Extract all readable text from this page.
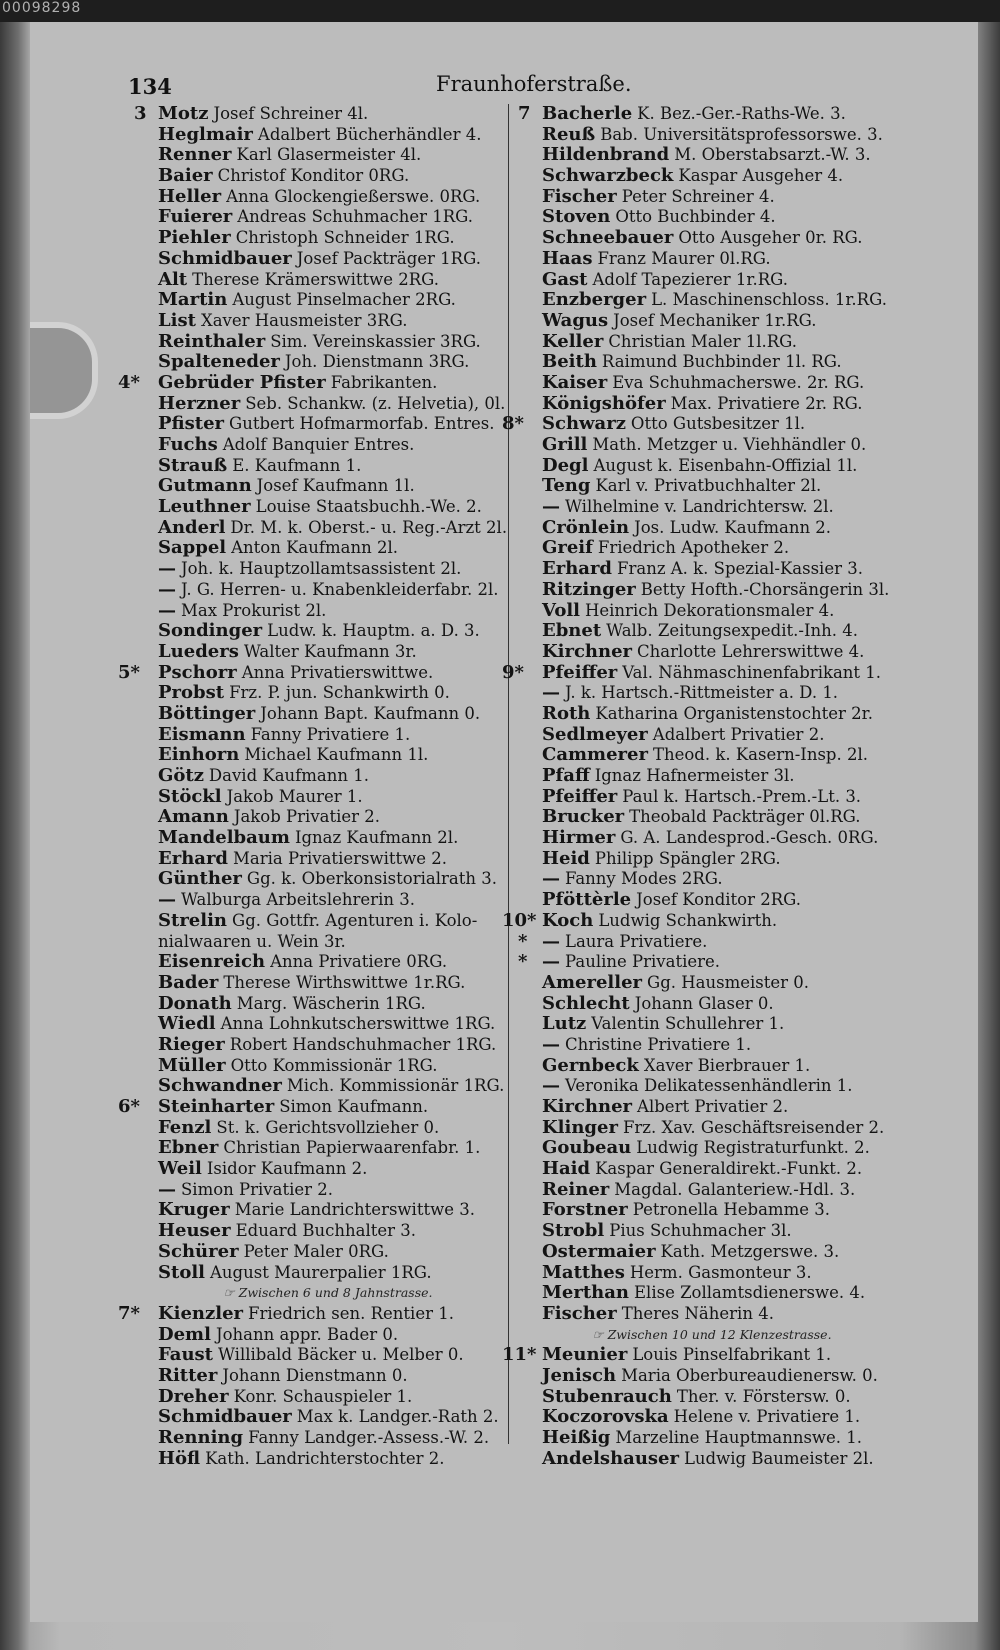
00098298
134	Fraunhoferstraße.
3 Motz Josef Schreiner 4l.
Heglmair Adalbert Bücherhändler 4.
Renner Karl Glasermeister 4l.
Baier Christof Konditor 0RG.
Heller Anna Glockengießerswe. 0RG.
Fuierer Andreas Schuhmacher 1RG.
Piehler Christoph Schneider 1RG.
Schmidbauer Josef Packträger 1RG.
Alt Therese Krämerswittwe 2RG.
Martin August Pinselmacher 2RG.
List Xaver Hausmeister 3RG.
Reinthaler Sim. Vereinskassier 3RG.
Spalteneder Joh. Dienstmann 3RG.
4* Gebrüder Pfister Fabrikanten.
Herzner Seb. Schankw. (z. Helvetia), 0l.
Pfister Gutbert Hofmarmorfab. Entres.
Fuchs Adolf Banquier Entres.
Strauß E. Kaufmann 1.
Gutmann Josef Kaufmann 1l.
Leuthner Louise Staatsbuchh.-We. 2.
Anderl Dr. M. k. Oberst.- u. Reg.-Arzt 2l.
Sappel Anton Kaufmann 2l.
— Joh. k. Hauptzollamtsassistent 2l.
— J. G. Herren- u. Knabenkleiderfabr. 2l.
— Max Prokurist 2l.
Sondinger Ludw. k. Hauptm. a. D. 3.
Lueders Walter Kaufmann 3r.
5* Pschorr Anna Privatierswittwe.
Probst Frz. P. jun. Schankwirth 0.
Böttinger Johann Bapt. Kaufmann 0.
Eismann Fanny Privatiere 1.
Einhorn Michael Kaufmann 1l.
Götz David Kaufmann 1.
Stöckl Jakob Maurer 1.
Amann Jakob Privatier 2.
Mandelbaum Ignaz Kaufmann 2l.
Erhard Maria Privatierswittwe 2.
Günther Gg. k. Oberkonsistorialrath 3.
— Walburga Arbeitslehrerin 3.
Strelin Gg. Gottfr. Agenturen i. Kolo-
nialwaaren u. Wein 3r.
Eisenreich Anna Privatiere 0RG.
Bader Therese Wirthswittwe 1r.RG.
Donath Marg. Wäscherin 1RG.
Wiedl Anna Lohnkutscherswittwe 1RG.
Rieger Robert Handschuhmacher 1RG.
Müller Otto Kommissionär 1RG.
Schwandner Mich. Kommissionär 1RG.
6* Steinharter Simon Kaufmann.
Fenzl St. k. Gerichtsvollzieher 0.
Ebner Christian Papierwaarenfabr. 1.
Weil Isidor Kaufmann 2.
— Simon Privatier 2.
Kruger Marie Landrichterswittwe 3.
Heuser Eduard Buchhalter 3.
Schürer Peter Maler 0RG.
Stoll August Maurerpalier 1RG.
☞ Zwischen 6 und 8 Jahnstrasse.
7* Kienzler Friedrich sen. Rentier 1.
Deml Johann appr. Bader 0.
Faust Willibald Bäcker u. Melber 0.
Ritter Johann Dienstmann 0.
Dreher Konr. Schauspieler 1.
Schmidbauer Max k. Landger.-Rath 2.
Renning Fanny Landger.-Assess.-W. 2.
Höfl Kath. Landrichterstochter 2.
7 Bacherle K. Bez.-Ger.-Raths-We. 3.
Reuß Bab. Universitätsprofessorswe. 3.
Hildenbrand M. Oberstabsarzt.-W. 3.
Schwarzbeck Kaspar Ausgeher 4.
Fischer Peter Schreiner 4.
Stoven Otto Buchbinder 4.
Schneebauer Otto Ausgeher 0r. RG.
Haas Franz Maurer 0l.RG.
Gast Adolf Tapezierer 1r.RG.
Enzberger L. Maschinenschloss. 1r.RG.
Wagus Josef Mechaniker 1r.RG.
Keller Christian Maler 1l.RG.
Beith Raimund Buchbinder 1l. RG.
Kaiser Eva Schuhmacherswe. 2r. RG.
Königshöfer Max. Privatiere 2r. RG.
8* Schwarz Otto Gutsbesitzer 1l.
Grill Math. Metzger u. Viehhändler 0.
Degl August k. Eisenbahn-Offizial 1l.
Teng Karl v. Privatbuchhalter 2l.
— Wilhelmine v. Landrichtersw. 2l.
Crönlein Jos. Ludw. Kaufmann 2.
Greif Friedrich Apotheker 2.
Erhard Franz A. k. Spezial-Kassier 3.
Ritzinger Betty Hofth.-Chorsängerin 3l.
Voll Heinrich Dekorationsmaler 4.
Ebnet Walb. Zeitungsexpedit.-Inh. 4.
Kirchner Charlotte Lehrerswittwe 4.
9* Pfeiffer Val. Nähmaschinenfabrikant 1.
— J. k. Hartsch.-Rittmeister a. D. 1.
Roth Katharina Organistenstochter 2r.
Sedlmeyer Adalbert Privatier 2.
Cammerer Theod. k. Kasern-Insp. 2l.
Pfaff Ignaz Hafnermeister 3l.
Pfeiffer Paul k. Hartsch.-Prem.-Lt. 3.
Brucker Theobald Packträger 0l.RG.
Hirmer G. A. Landesprod.-Gesch. 0RG.
Heid Philipp Spängler 2RG.
— Fanny Modes 2RG.
Pföttèrle Josef Konditor 2RG.
10* Koch Ludwig Schankwirth.
* — Laura Privatiere.
* — Pauline Privatiere.
Amereller Gg. Hausmeister 0.
Schlecht Johann Glaser 0.
Lutz Valentin Schullehrer 1.
— Christine Privatiere 1.
Gernbeck Xaver Bierbrauer 1.
— Veronika Delikatessenhändlerin 1.
Kirchner Albert Privatier 2.
Klinger Frz. Xav. Geschäftsreisender 2.
Goubeau Ludwig Registraturfunkt. 2.
Haid Kaspar Generaldirekt.-Funkt. 2.
Reiner Magdal. Galanteriew.-Hdl. 3.
Forstner Petronella Hebamme 3.
Strobl Pius Schuhmacher 3l.
Ostermaier Kath. Metzgerswe. 3.
Matthes Herm. Gasmonteur 3.
Merthan Elise Zollamtsdienerswe. 4.
Fischer Theres Näherin 4.
☞ Zwischen 10 und 12 Klenzestrasse.
11* Meunier Louis Pinselfabrikant 1.
Jenisch Maria Oberbureaudienersw. 0.
Stubenrauch Ther. v. Förstersw. 0.
Koczorovska Helene v. Privatiere 1.
Heißig Marzeline Hauptmannswe. 1.
Andelshauser Ludwig Baumeister 2l.
